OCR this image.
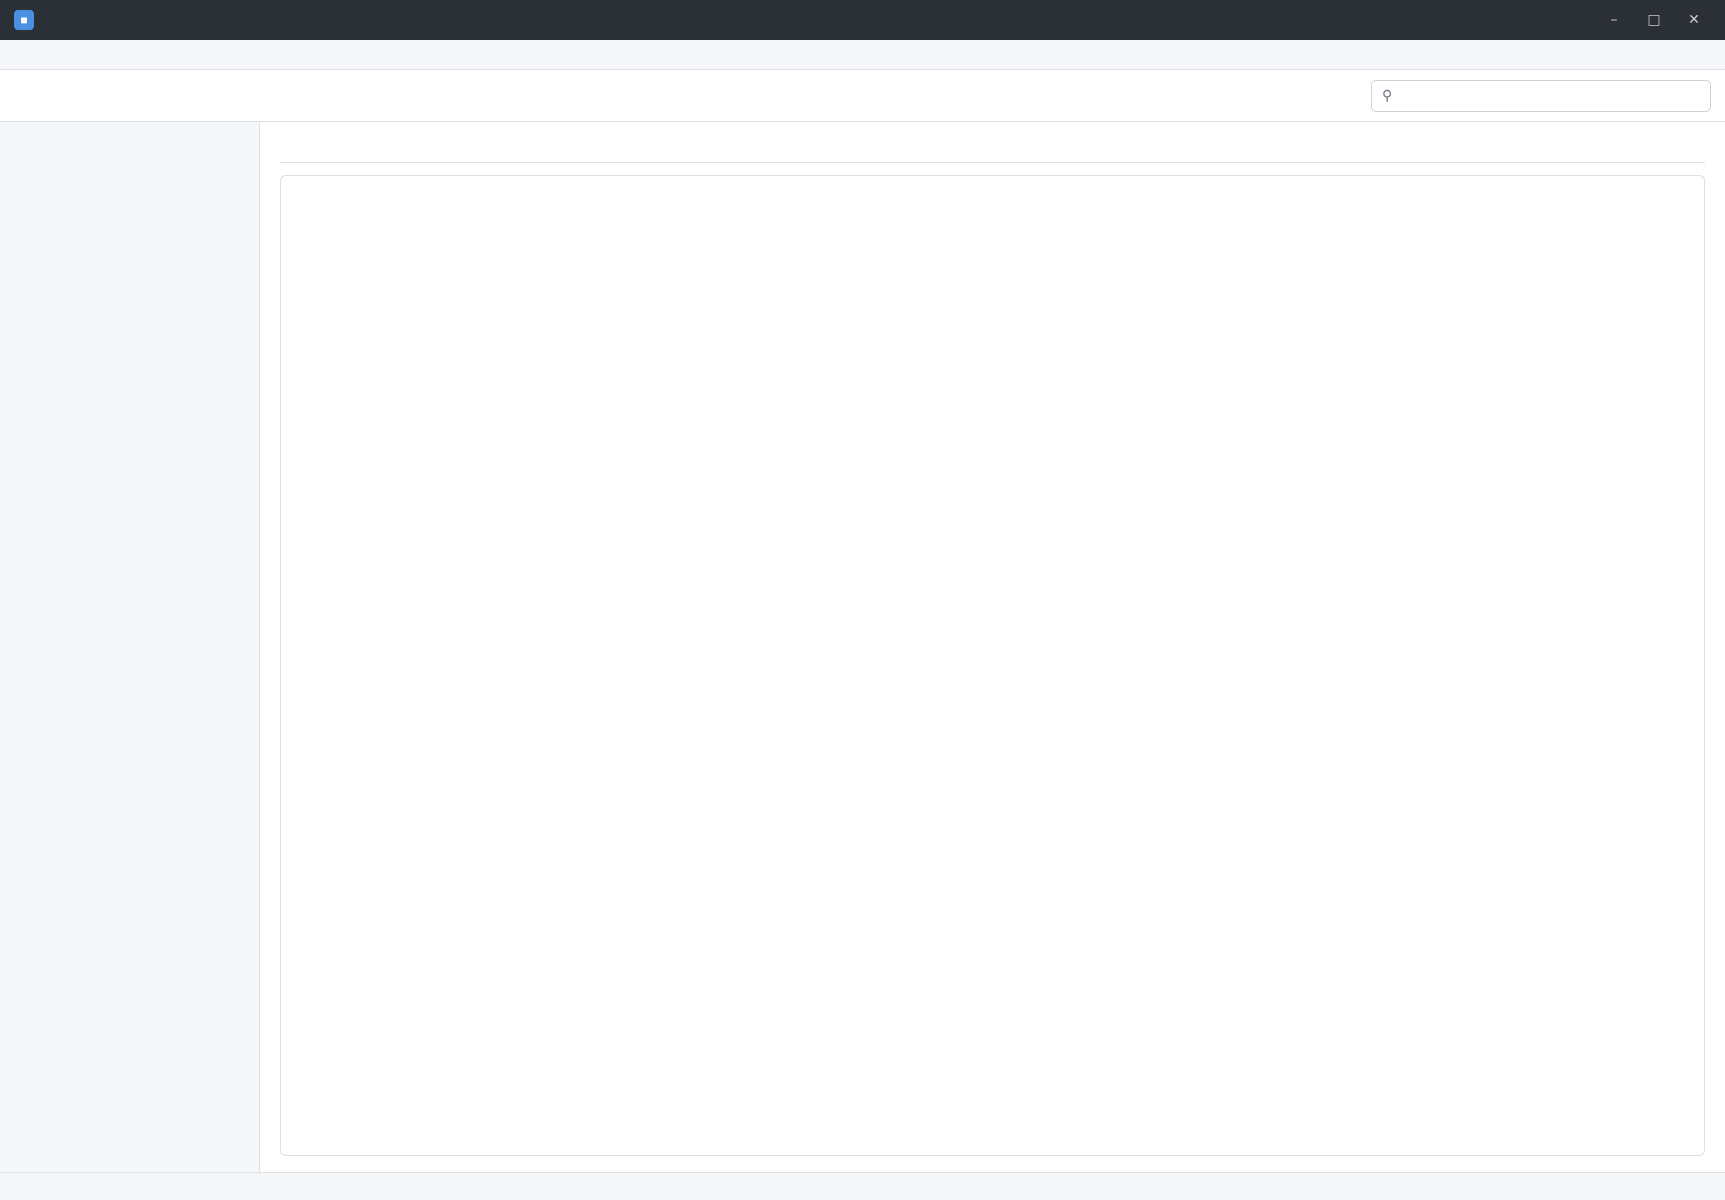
■	–	□	✕
⚲
